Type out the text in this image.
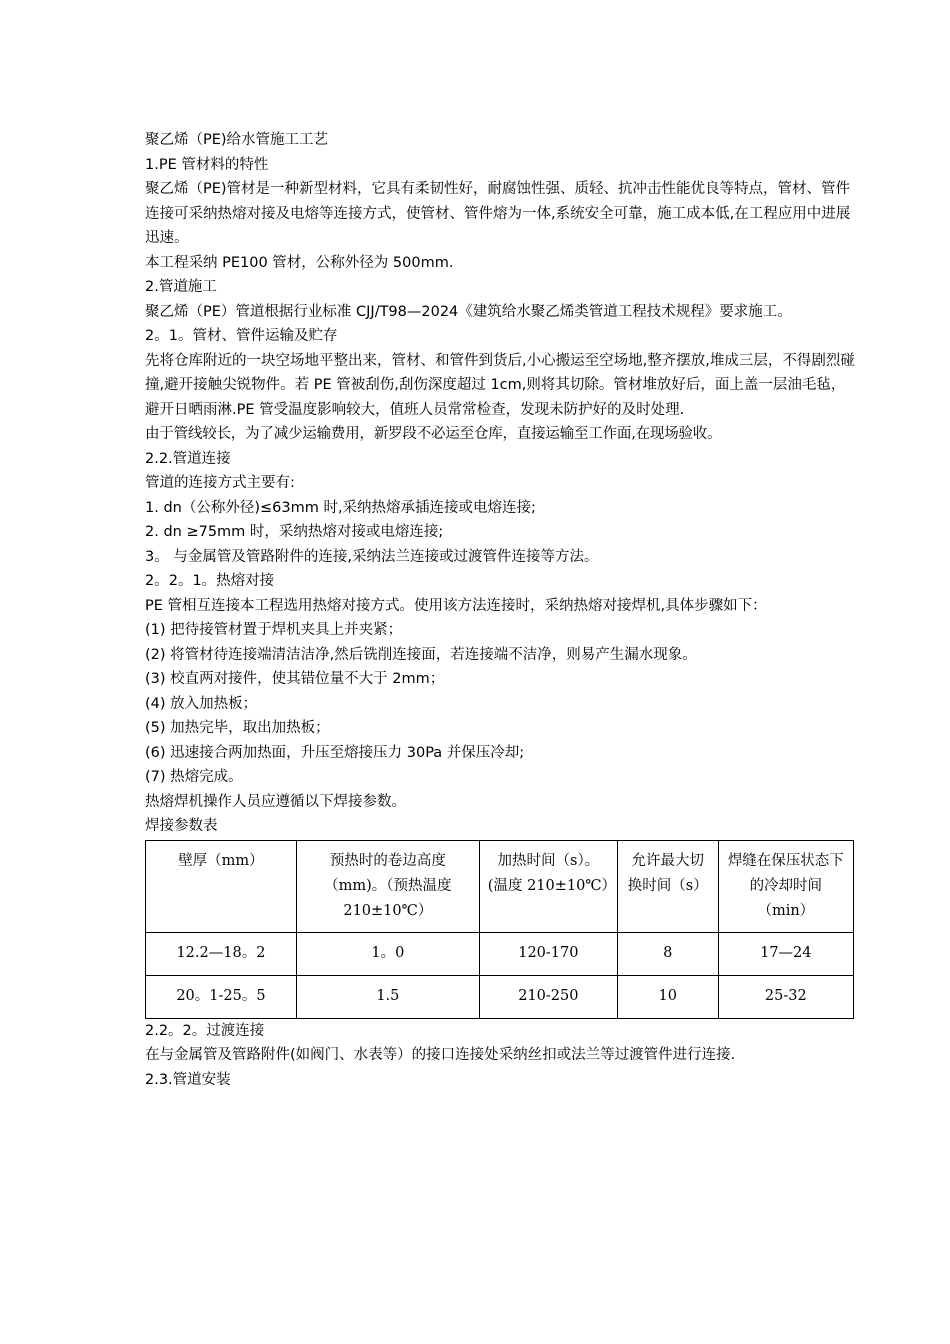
聚乙烯（PE)给水管施工工艺

1.PE 管材料的特性

聚乙烯（PE)管材是一种新型材料，它具有柔韧性好，耐腐蚀性强、质轻、抗冲击性能优良等特点，管材、管件连接可采纳热熔对接及电熔等连接方式，使管材、管件熔为一体,系统安全可靠，施工成本低,在工程应用中进展迅速。

本工程采纳 PE100 管材，公称外径为 500mm.

2.管道施工

聚乙烯（PE）管道根据行业标准 CJJ/T98—2024《建筑给水聚乙烯类管道工程技术规程》要求施工。

2。1。管材、管件运输及贮存

先将仓库附近的一块空场地平整出来，管材、和管件到货后,小心搬运至空场地,整齐摆放,堆成三层，不得剧烈碰撞,避开接触尖锐物件。若 PE 管被刮伤,刮伤深度超过 1cm,则将其切除。管材堆放好后，面上盖一层油毛毡，避开日晒雨淋.PE 管受温度影响较大，值班人员常常检查，发现未防护好的及时处理.

由于管线较长，为了减少运输费用，新罗段不必运至仓库，直接运输至工作面,在现场验收。

2.2.管道连接

管道的连接方式主要有:

1. dn（公称外径)≤63mm 时,采纳热熔承插连接或电熔连接;

2. dn ≥75mm 时，采纳热熔对接或电熔连接;

3。 与金属管及管路附件的连接,采纳法兰连接或过渡管件连接等方法。

2。2。1。热熔对接

PE 管相互连接本工程选用热熔对接方式。使用该方法连接时，采纳热熔对接焊机,具体步骤如下：

(1) 把待接管材置于焊机夹具上并夹紧；

(2) 将管材待连接端清洁洁净,然后铣削连接面，若连接端不洁净，则易产生漏水现象。

(3) 校直两对接件，使其错位量不大于 2mm；

(4) 放入加热板；

(5) 加热完毕，取出加热板；

(6) 迅速接合两加热面，升压至熔接压力 30Pa 并保压冷却;

(7) 热熔完成。

热熔焊机操作人员应遵循以下焊接参数。

焊接参数表

壁厚（mm）	预热时的卷边高度（mm)。（预热温度 210±10℃）	加热时间（s）。(温度 210±10℃）	允许最大切换时间（s）	焊缝在保压状态下的冷却时间（min）
12.2—18。2	1。0	120-170	8	17—24
20。1-25。5	1.5	210-250	10	25-32

2.2。2。过渡连接

在与金属管及管路附件(如阀门、水表等）的接口连接处采纳丝扣或法兰等过渡管件进行连接.

2.3.管道安装
